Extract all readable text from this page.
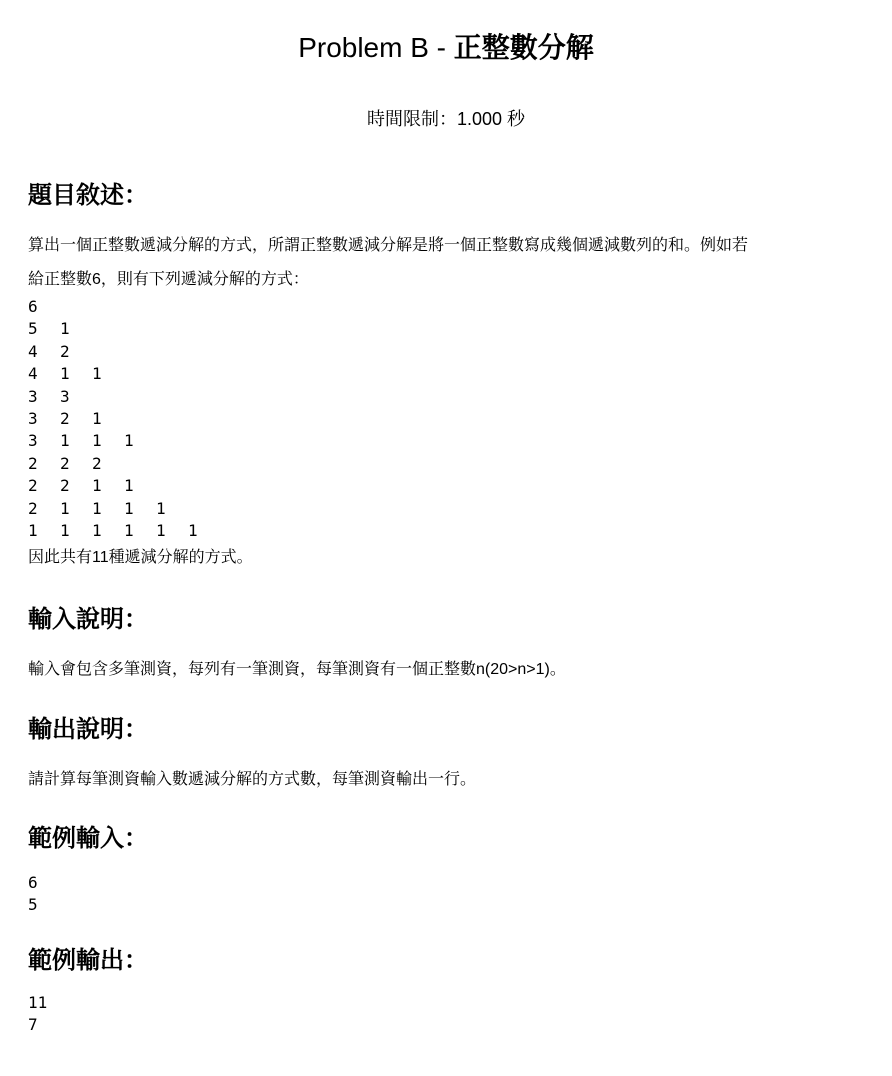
Problem B - 正整數分解
時間限制：1.000 秒
題目敘述：

算出一個正整數遞減分解的方式，所謂正整數遞減分解是將一個正整數寫成幾個遞減數列的和。例如若

給正整數6，則有下列遞減分解的方式：

6
5 1
4 2
4 1 1
3 3
3 2 1
3 1 1 1
2 2 2
2 2 1 1
2 1 1 1 1
1 1 1 1 1 1
因此共有11種遞減分解的方式。
輸入說明：

輸入會包含多筆測資，每列有一筆測資，每筆測資有一個正整數n(20>n>1)。

輸出說明：

請計算每筆測資輸入數遞減分解的方式數，每筆測資輸出一行。

範例輸入：
6
5
範例輸出：
11
7
